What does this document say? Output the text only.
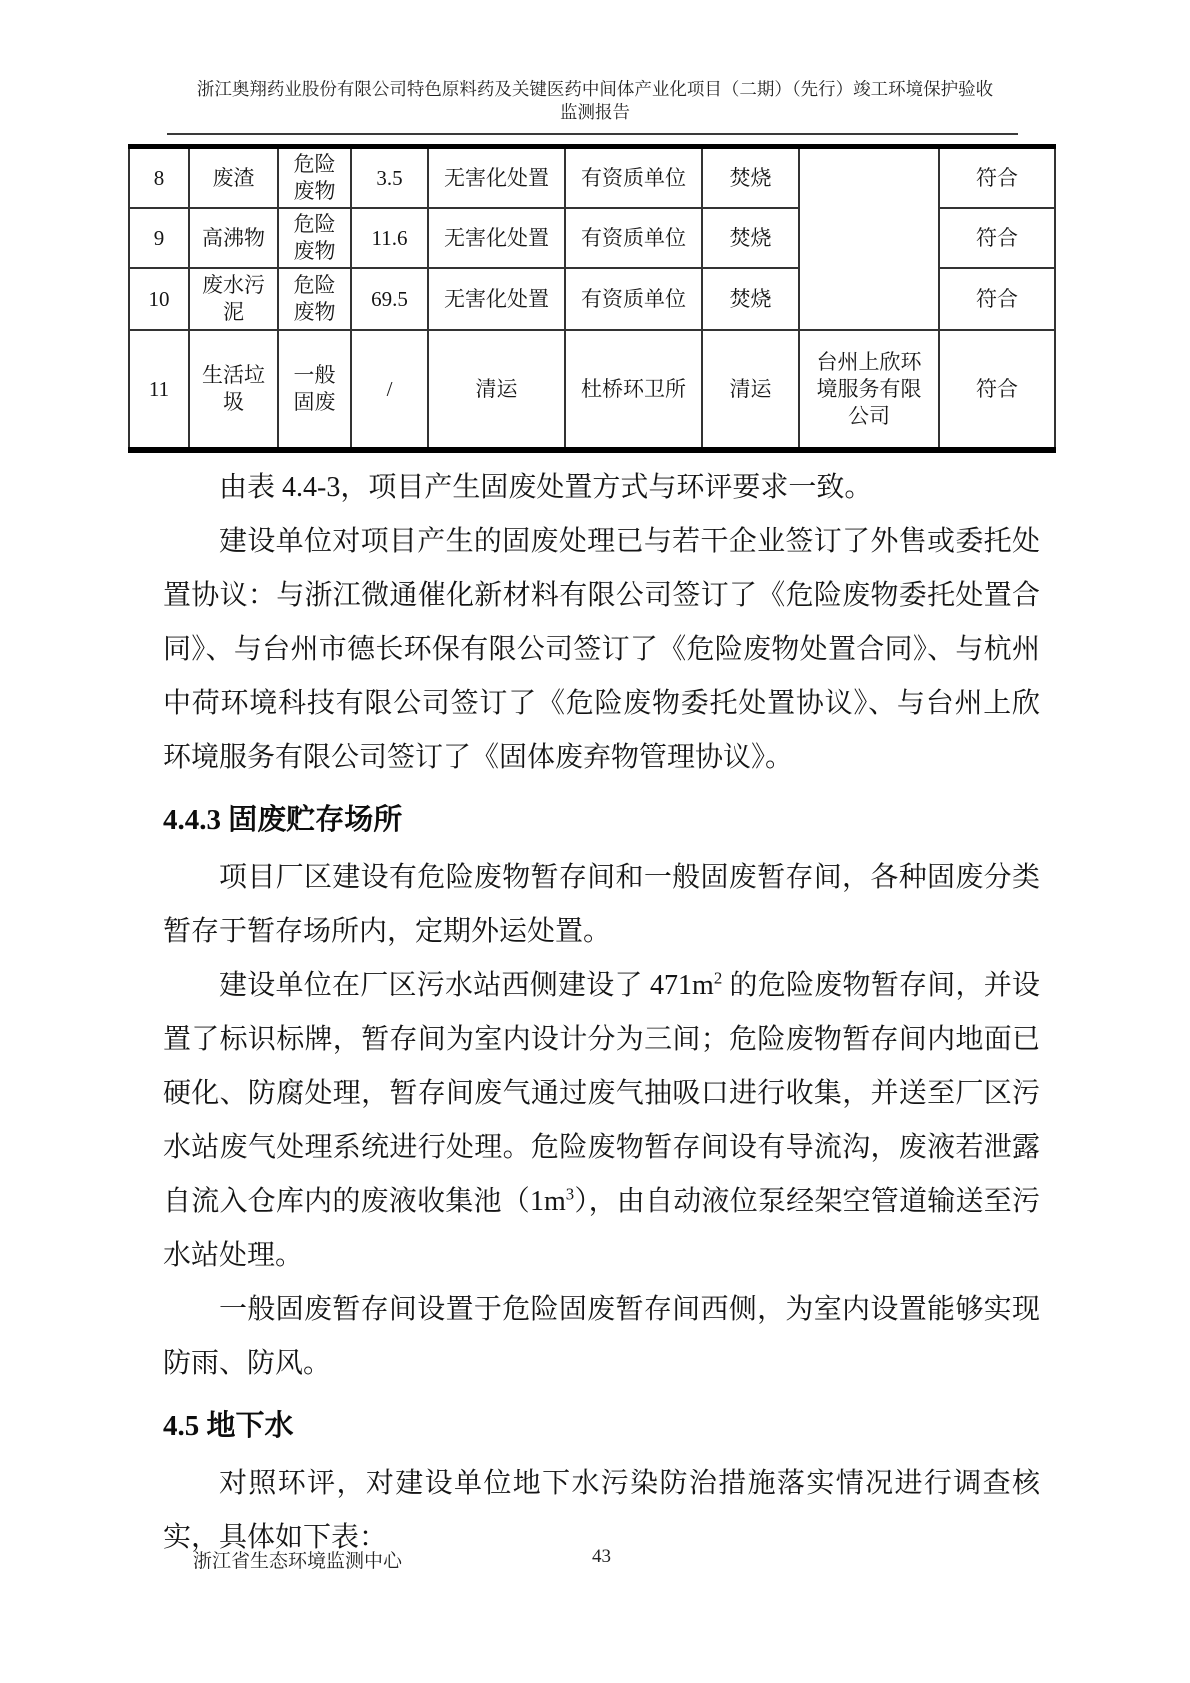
浙江奥翔药业股份有限公司特色原料药及关键医药中间体产业化项目（二期）（先行）竣工环境保护验收
监测报告
8	废渣	危险废物	3.5	无害化处置	有资质单位	焚烧		符合
9	高沸物	危险废物	11.6	无害化处置	有资质单位	焚烧		符合
10	废水污泥	危险废物	69.5	无害化处置	有资质单位	焚烧		符合
11	生活垃圾	一般固废	/	清运	杜桥环卫所	清运	台州上欣环境服务有限公司	符合

由表 4.4-3，项目产生固废处置方式与环评要求一致。

建设单位对项目产生的固废处理已与若干企业签订了外售或委托处置协议：与浙江微通催化新材料有限公司签订了《危险废物委托处置合同》、与台州市德长环保有限公司签订了《危险废物处置合同》、与杭州中荷环境科技有限公司签订了《危险废物委托处置协议》、与台州上欣环境服务有限公司签订了《固体废弃物管理协议》。

4.4.3 固废贮存场所

项目厂区建设有危险废物暂存间和一般固废暂存间，各种固废分类暂存于暂存场所内，定期外运处置。

建设单位在厂区污水站西侧建设了 $471m^2$ 的危险废物暂存间，并设置了标识标牌，暂存间为室内设计分为三间；危险废物暂存间内地面已硬化、防腐处理，暂存间废气通过废气抽吸口进行收集，并送至厂区污水站废气处理系统进行处理。危险废物暂存间设有导流沟，废液若泄露自流入仓库内的废液收集池$(1m^3)$，由自动液位泵经架空管道输送至污水站处理。

一般固废暂存间设置于危险固废暂存间西侧，为室内设置能够实现防雨、防风。

4.5 地下水

对照环评，对建设单位地下水污染防治措施落实情况进行调查核实，具体如下表：

43
浙江省生态环境监测中心
